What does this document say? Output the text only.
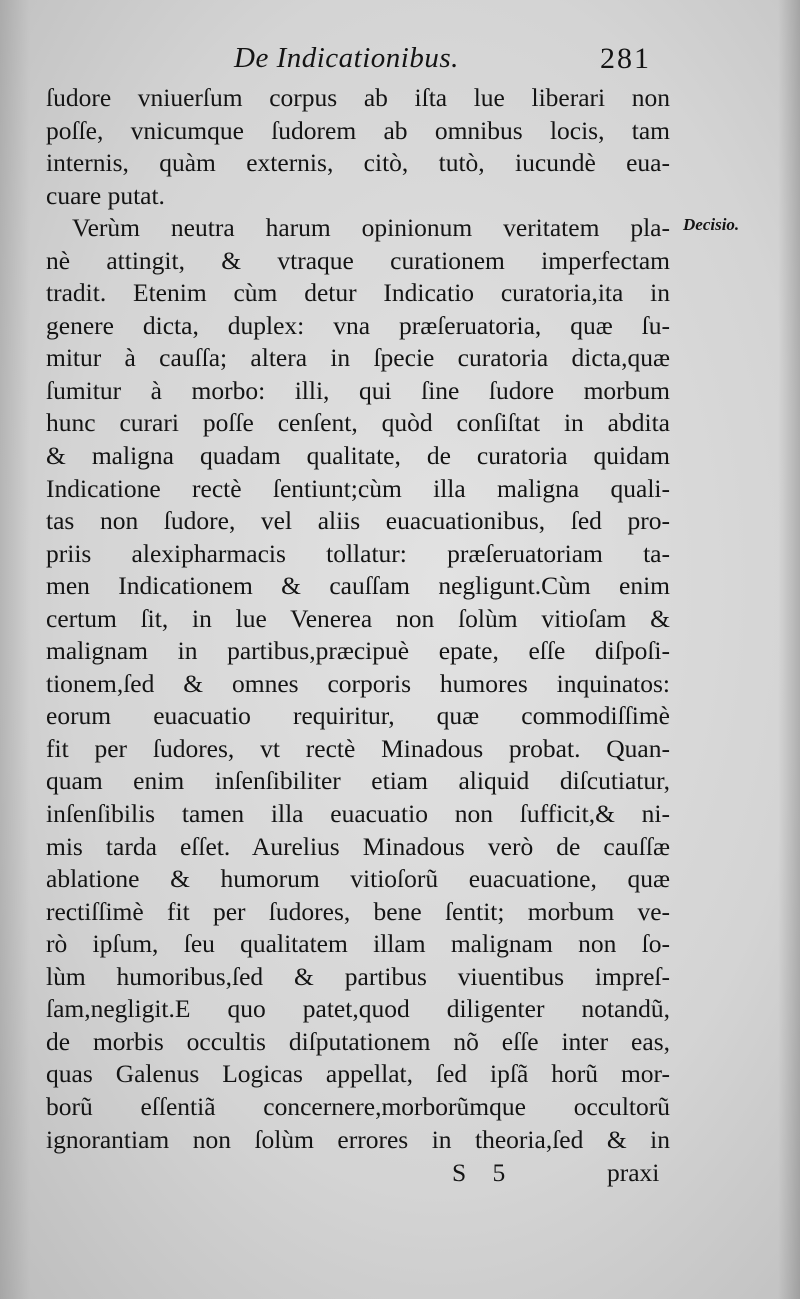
De Indicationibus.	281
Decisio.
ſudore vniuerſum corpus ab iſta lue liberari non
poſſe, vnicumque ſudorem ab omnibus locis, tam
internis, quàm externis, citò, tutò, iucundè eua-
cuare putat.
Verùm neutra harum opinionum veritatem pla-
nè attingit, & vtraque curationem imperfectam
tradit. Etenim cùm detur Indicatio curatoria,ita in
genere dicta, duplex: vna præſeruatoria, quæ ſu-
mitur à cauſſa; altera in ſpecie curatoria dicta,quæ
ſumitur à morbo: illi, qui ſine ſudore morbum
hunc curari poſſe cenſent, quòd conſiſtat in abdita
& maligna quadam qualitate, de curatoria quidam
Indicatione rectè ſentiunt;cùm illa maligna quali-
tas non ſudore, vel aliis euacuationibus, ſed pro-
priis alexipharmacis tollatur: præſeruatoriam ta-
men Indicationem & cauſſam negligunt.Cùm enim
certum ſit, in lue Venerea non ſolùm vitioſam &
malignam in partibus,præcipuè epate, eſſe diſpoſi-
tionem,ſed & omnes corporis humores inquinatos:
eorum euacuatio requiritur, quæ commodiſſimè
fit per ſudores, vt rectè Minadous probat. Quan-
quam enim inſenſibiliter etiam aliquid diſcutiatur,
inſenſibilis tamen illa euacuatio non ſufficit,& ni-
mis tarda eſſet. Aurelius Minadous verò de cauſſæ
ablatione & humorum vitioſorũ euacuatione, quæ
rectiſſimè fit per ſudores, bene ſentit; morbum ve-
rò ipſum, ſeu qualitatem illam malignam non ſo-
lùm humoribus,ſed & partibus viuentibus impreſ-
ſam,negligit.E quo patet,quod diligenter notandũ,
de morbis occultis diſputationem nõ eſſe inter eas,
quas Galenus Logicas appellat, ſed ipſã horũ mor-
borũ eſſentiã concernere,morborũmque occultorũ
ignorantiam non ſolùm errores in theoria,ſed & in
S 5	praxi
